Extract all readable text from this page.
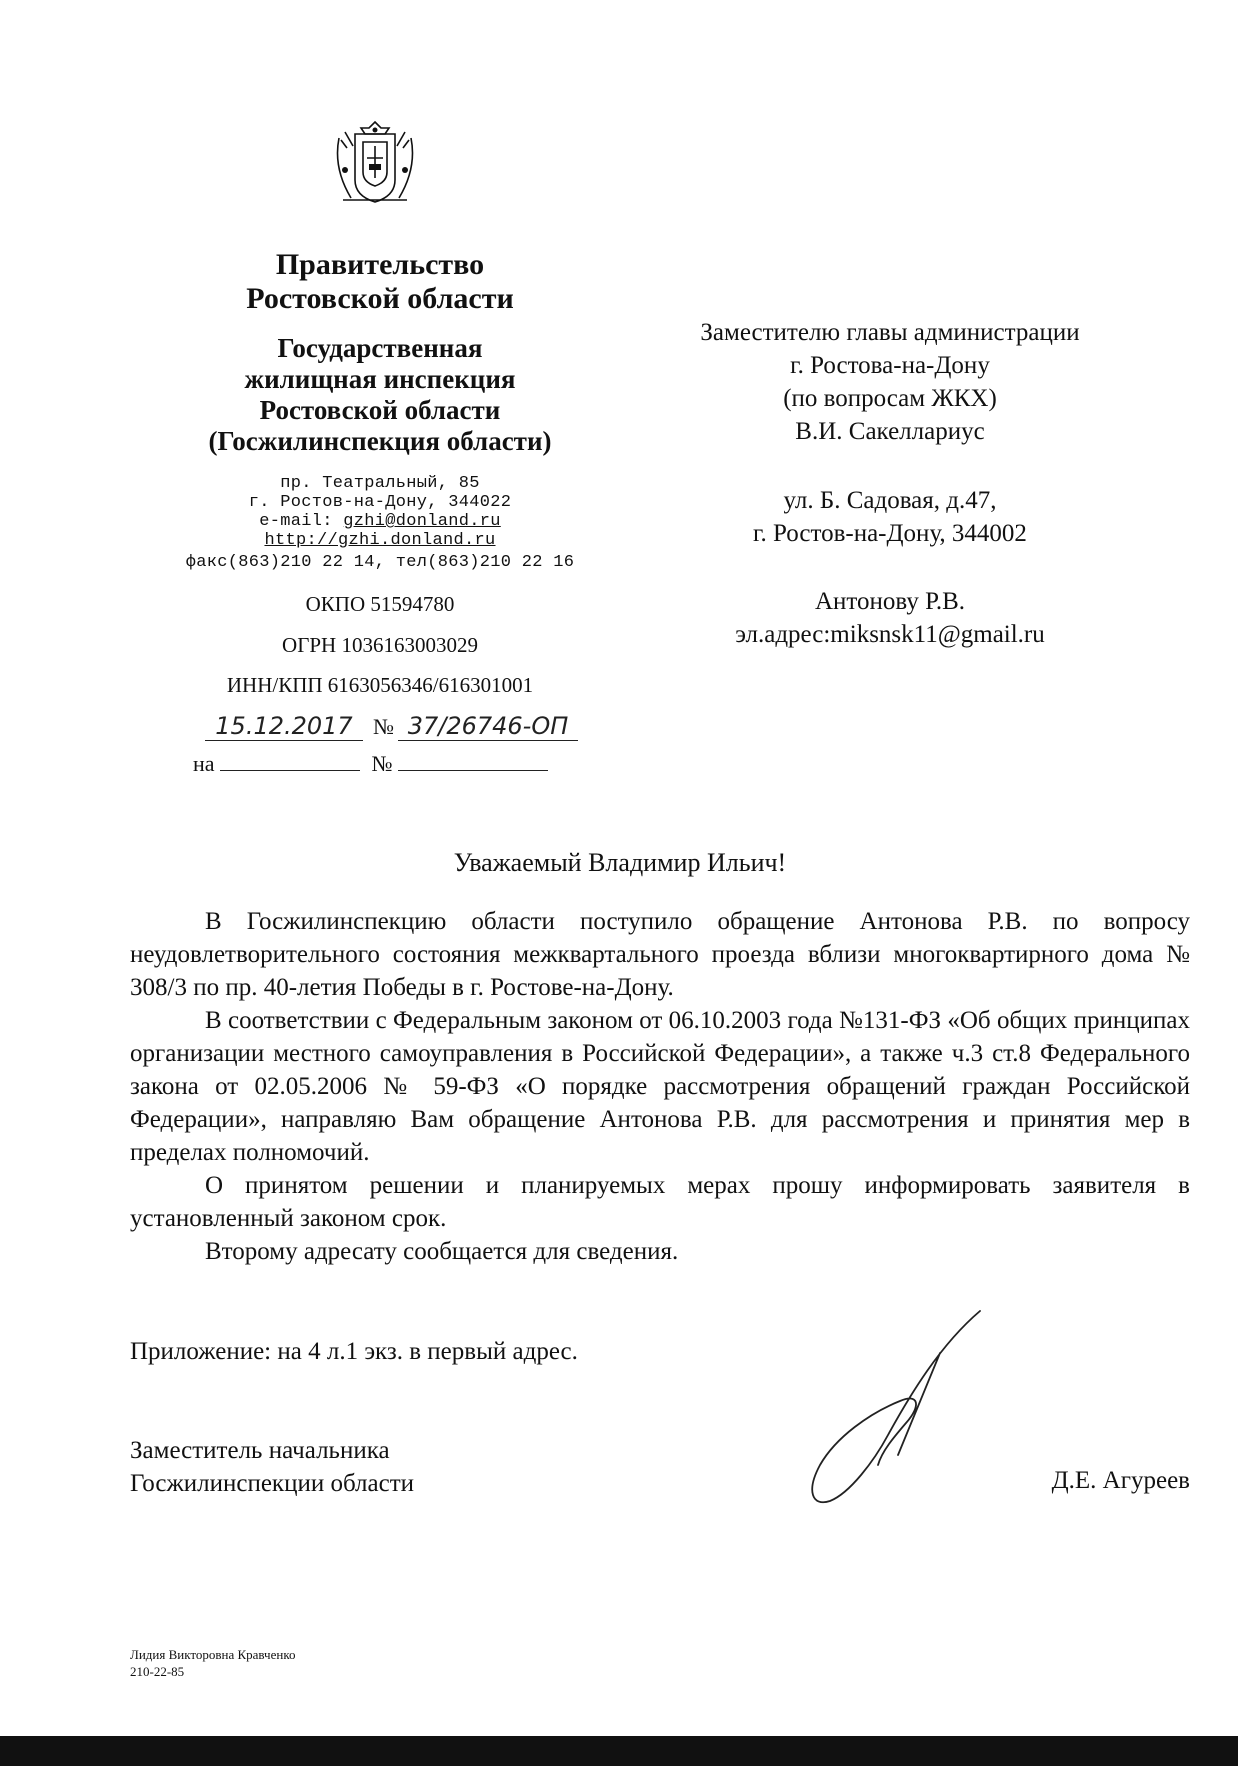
Правительство
Ростовской области
Государственная
жилищная инспекция
Ростовской области
(Госжилинспекция области)
пр. Театральный, 85
г. Ростов-на-Дону, 344022
e-mail: gzhi@donland.ru
http://gzhi.donland.ru
факс(863)210 22 14, тел(863)210 22 16
ОКПО 51594780
ОГРН 1036163003029
ИНН/КПП 6163056346/616301001
15.12.2017 № 37/26746-ОП
на	№
Заместителю главы администрации
г. Ростова-на-Дону
(по вопросам ЖКХ)
В.И. Сакеллариус
ул. Б. Садовая, д.47,
г. Ростов-на-Дону, 344002
Антонову Р.В.
эл.адрес:miksnsk11@gmail.ru
Уважаемый Владимир Ильич!
В Госжилинспекцию области поступило обращение Антонова Р.В. по вопросу неудовлетворительного состояния межквартального проезда вблизи многоквартирного дома № 308/3 по пр. 40-летия Победы в г. Ростове-на-Дону.
В соответствии с Федеральным законом от 06.10.2003 года №131-ФЗ «Об общих принципах организации местного самоуправления в Российской Федерации», а также ч.3 ст.8 Федерального закона от 02.05.2006 № 59-ФЗ «О порядке рассмотрения обращений граждан Российской Федерации», направляю Вам обращение Антонова Р.В. для рассмотрения и принятия мер в пределах полномочий.
О принятом решении и планируемых мерах прошу информировать заявителя в установленный законом срок.
Второму адресату сообщается для сведения.
Приложение: на 4 л.1 экз. в первый адрес.
Заместитель начальника
Госжилинспекции области	Д.Е. Агуреев
Лидия Викторовна Кравченко
210-22-85
